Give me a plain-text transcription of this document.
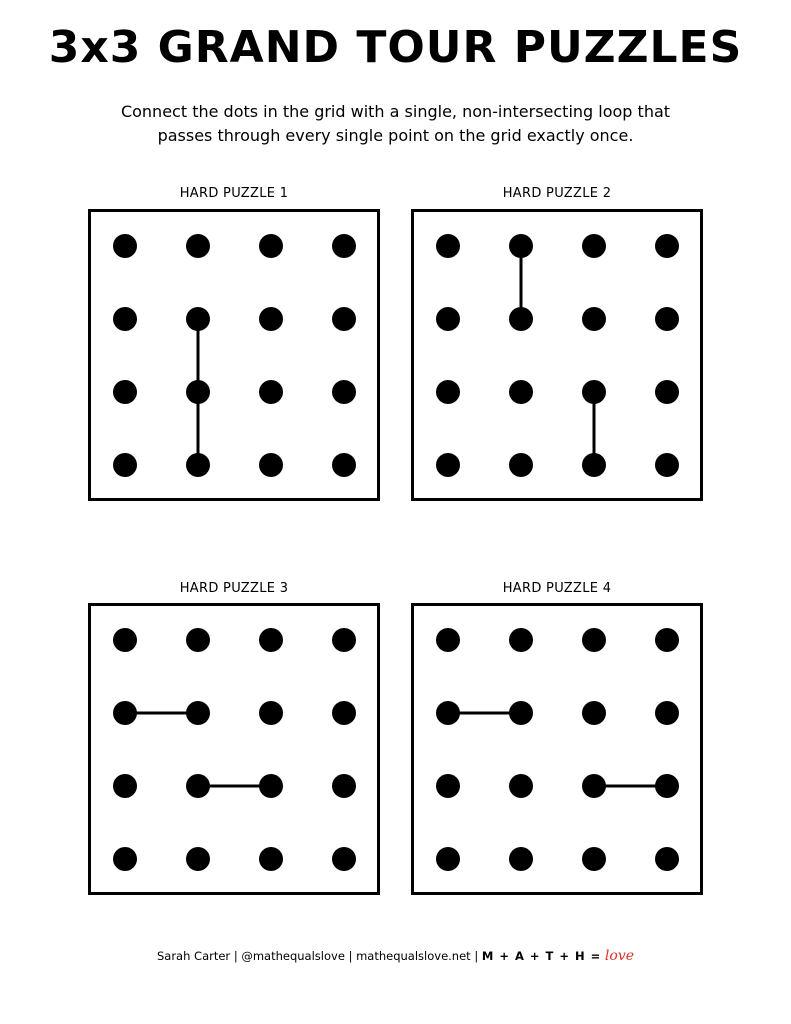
3x3 GRAND TOUR PUZZLES
Connect the dots in the grid with a single, non-intersecting loop that
passes through every single point on the grid exactly once.
HARD PUZZLE 1	HARD PUZZLE 2
HARD PUZZLE 3	HARD PUZZLE 4
Sarah Carter | @mathequalslove | mathequalslove.net | M + A + T + H = love
